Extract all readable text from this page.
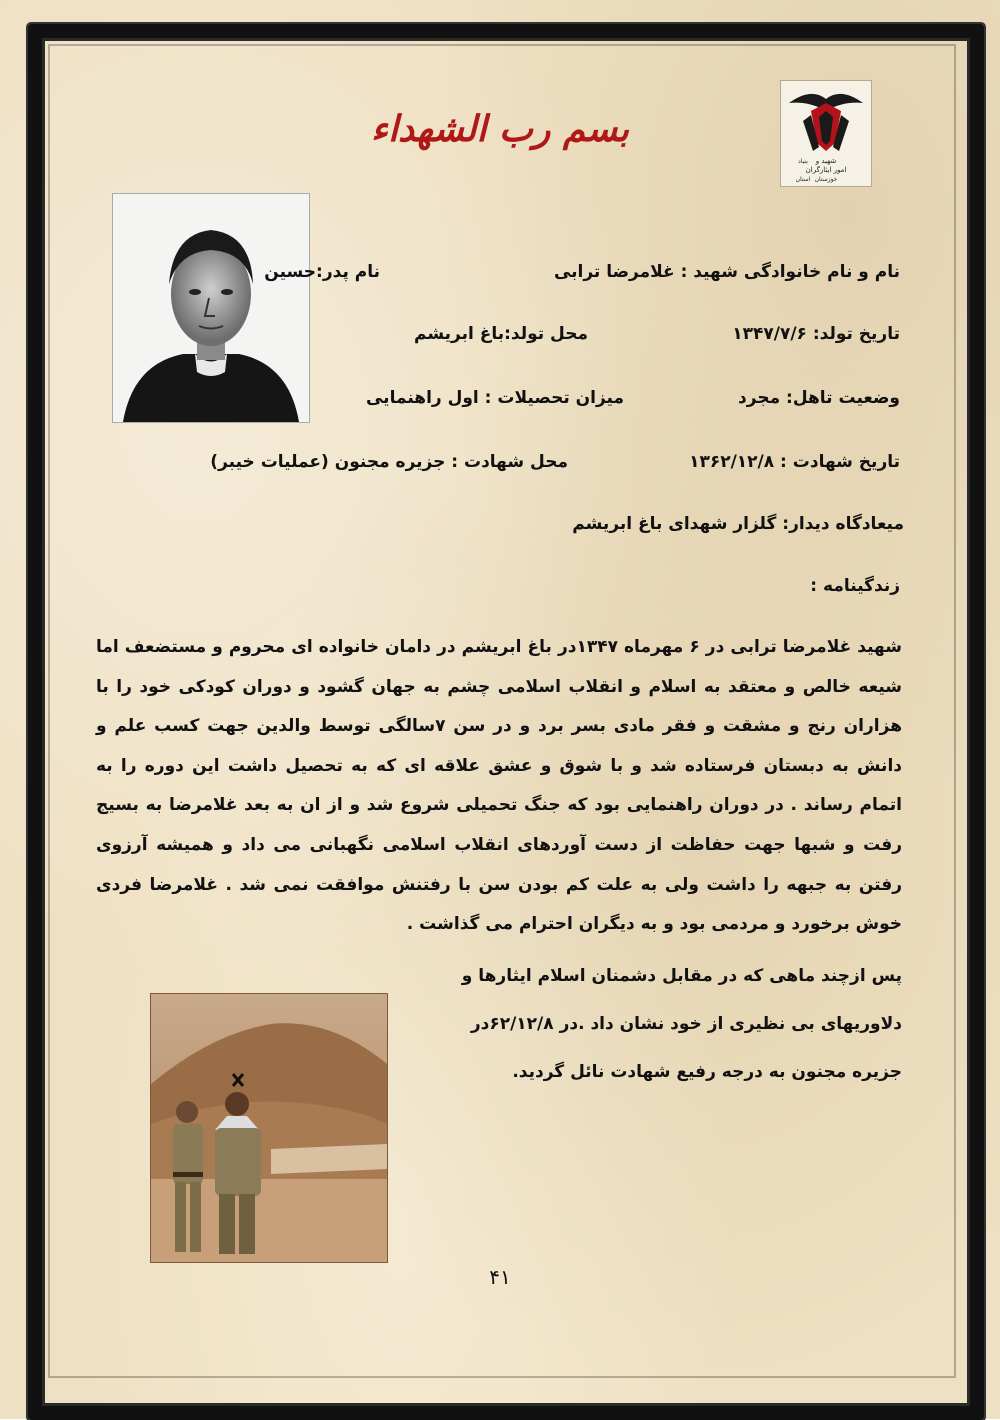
شهید و
امور ایثارگران
خوزستان
بنیاد
استان
بسم رب الشهداء
نام و نام خانوادگی شهید : غلامرضا ترابی
نام پدر:حسین
تاریخ تولد: ۱۳۴۷/۷/۶
محل تولد:باغ ابریشم
وضعیت تاهل: مجرد
میزان تحصیلات : اول راهنمایی
تاریخ شهادت : ۱۳۶۲/۱۲/۸
محل شهادت : جزیره مجنون (عملیات خیبر)
میعادگاه دیدار: گلزار شهدای باغ ابریشم
زندگینامه :
شهید غلامرضا ترابی در ۶ مهرماه ۱۳۴۷در باغ ابریشم در دامان خانواده ای محروم و مستضعف اما شیعه خالص و معتقد به اسلام و انقلاب اسلامی چشم به جهان گشود و دوران کودکی خود را با هزاران رنج و مشقت و فقر مادی بسر برد و در سن ۷سالگی توسط والدین جهت کسب علم و دانش به دبستان فرستاده شد و با شوق و عشق علاقه ای که به تحصیل داشت این دوره را به اتمام رساند . در دوران راهنمایی بود که جنگ تحمیلی شروع شد و از ان به بعد غلامرضا به بسیج رفت و شبها جهت حفاظت از دست آوردهای انقلاب اسلامی نگهبانی می داد و همیشه آرزوی رفتن به جبهه را داشت ولی به علت کم بودن سن با رفتنش موافقت نمی شد . غلامرضا فردی خوش برخورد و مردمی بود و به دیگران احترام می گذاشت .
پس ازچند ماهی که در مقابل دشمنان اسلام ایثارها و دلاوریهای بی نظیری از خود نشان داد .در ۶۲/۱۲/۸در جزیره مجنون به درجه رفیع شهادت نائل گردید.
۴۱
